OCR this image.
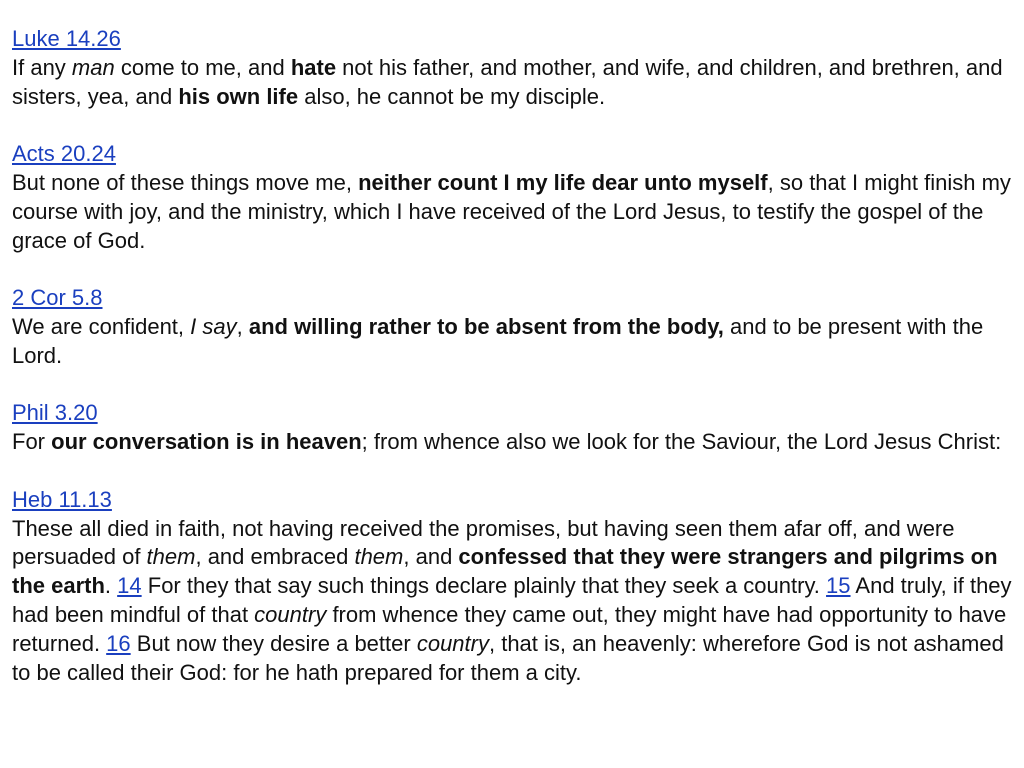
Luke 14.26
If any man come to me, and hate not his father, and mother, and wife, and children, and brethren, and sisters, yea, and his own life also, he cannot be my disciple.
Acts 20.24
But none of these things move me, neither count I my life dear unto myself, so that I might finish my course with joy, and the ministry, which I have received of the Lord Jesus, to testify the gospel of the grace of God.
2 Cor 5.8
We are confident, I say, and willing rather to be absent from the body, and to be present with the Lord.
Phil 3.20
For our conversation is in heaven; from whence also we look for the Saviour, the Lord Jesus Christ:
Heb 11.13
These all died in faith, not having received the promises, but having seen them afar off, and were persuaded of them, and embraced them, and confessed that they were strangers and pilgrims on the earth. 14 For they that say such things declare plainly that they seek a country. 15 And truly, if they had been mindful of that country from whence they came out, they might have had opportunity to have returned. 16 But now they desire a better country, that is, an heavenly: wherefore God is not ashamed to be called their God: for he hath prepared for them a city.
